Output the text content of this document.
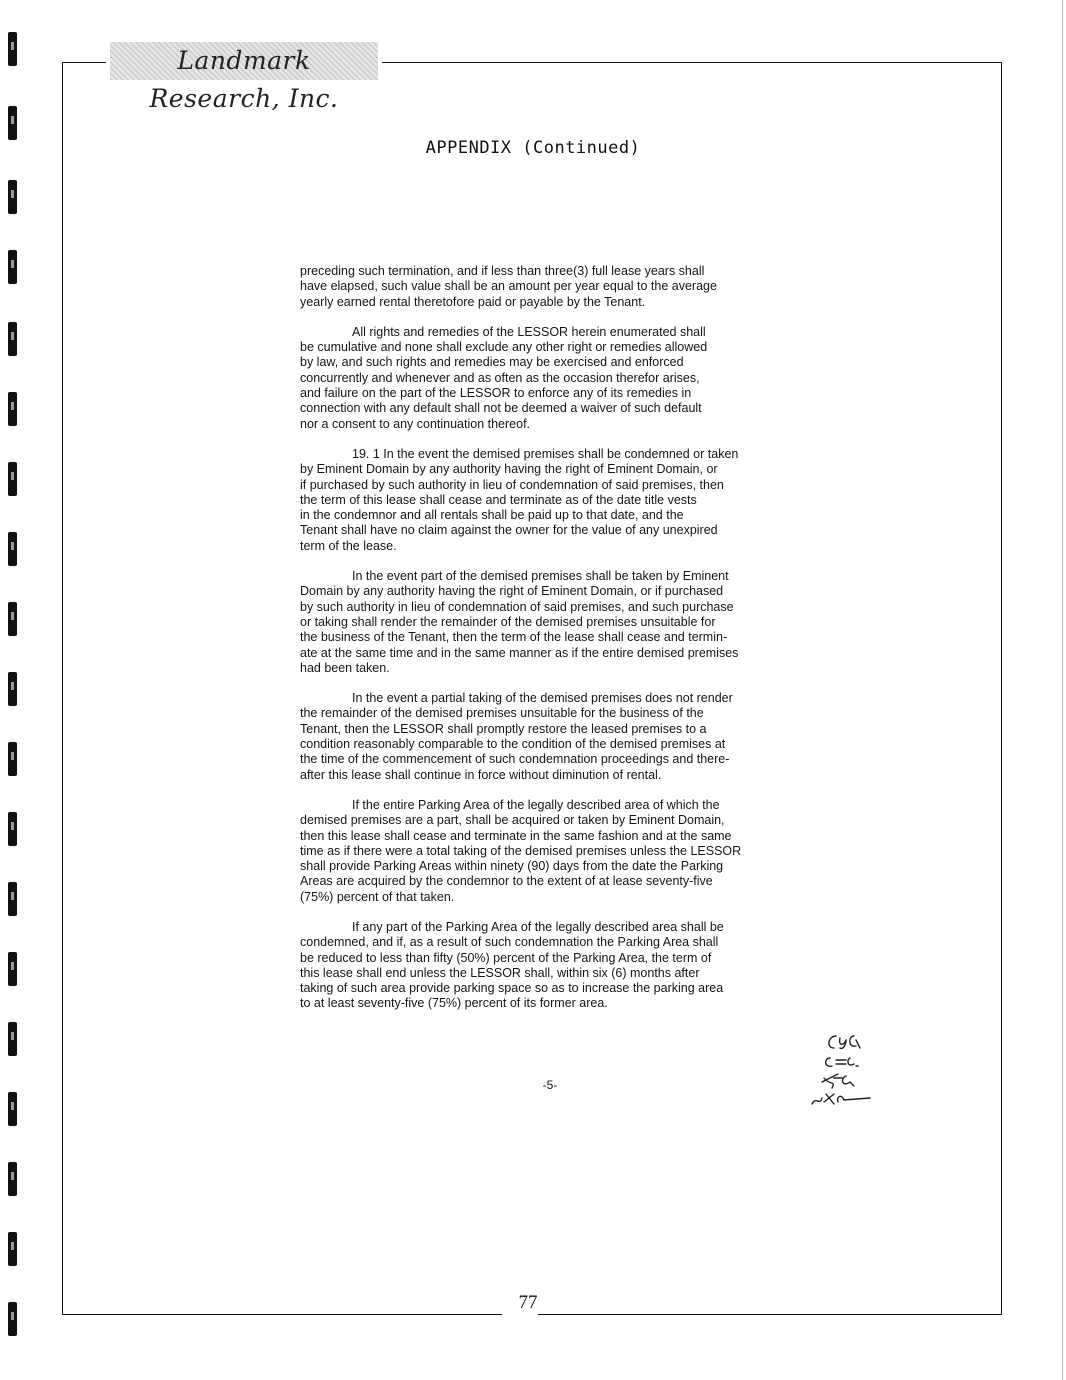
Landmark Research, Inc.
APPENDIX (Continued)

preceding such termination, and if less than three(3) full lease years shall
have elapsed, such value shall be an amount per year equal to the average
yearly earned rental theretofore paid or payable by the Tenant.

All rights and remedies of the LESSOR herein enumerated shall
be cumulative and none shall exclude any other right or remedies allowed
by law, and such rights and remedies may be exercised and enforced
concurrently and whenever and as often as the occasion therefor arises,
and failure on the part of the LESSOR to enforce any of its remedies in
connection with any default shall not be deemed a waiver of such default
nor a consent to any continuation thereof.

19. 1 In the event the demised premises shall be condemned or taken
by Eminent Domain by any authority having the right of Eminent Domain, or
if purchased by such authority in lieu of condemnation of said premises, then
the term of this lease shall cease and terminate as of the date title vests
in the condemnor and all rentals shall be paid up to that date, and the
Tenant shall have no claim against the owner for the value of any unexpired
term of the lease.

In the event part of the demised premises shall be taken by Eminent
Domain by any authority having the right of Eminent Domain, or if purchased
by such authority in lieu of condemnation of said premises, and such purchase
or taking shall render the remainder of the demised premises unsuitable for
the business of the Tenant, then the term of the lease shall cease and termin-
ate at the same time and in the same manner as if the entire demised premises
had been taken.

In the event a partial taking of the demised premises does not render
the remainder of the demised premises unsuitable for the business of the
Tenant, then the LESSOR shall promptly restore the leased premises to a
condition reasonably comparable to the condition of the demised premises at
the time of the commencement of such condemnation proceedings and there-
after this lease shall continue in force without diminution of rental.

If the entire Parking Area of the legally described area of which the
demised premises are a part, shall be acquired or taken by Eminent Domain,
then this lease shall cease and terminate in the same fashion and at the same
time as if there were a total taking of the demised premises unless the LESSOR
shall provide Parking Areas within ninety (90) days from the date the Parking
Areas are acquired by the condemnor to the extent of at lease seventy-five
(75%) percent of that taken.

If any part of the Parking Area of the legally described area shall be
condemned, and if, as a result of such condemnation the Parking Area shall
be reduced to less than fifty (50%) percent of the Parking Area, the term of
this lease shall end unless the LESSOR shall, within six (6) months after
taking of such area provide parking space so as to increase the parking area
to at least seventy-five (75%) percent of its former area.

-5-
77
